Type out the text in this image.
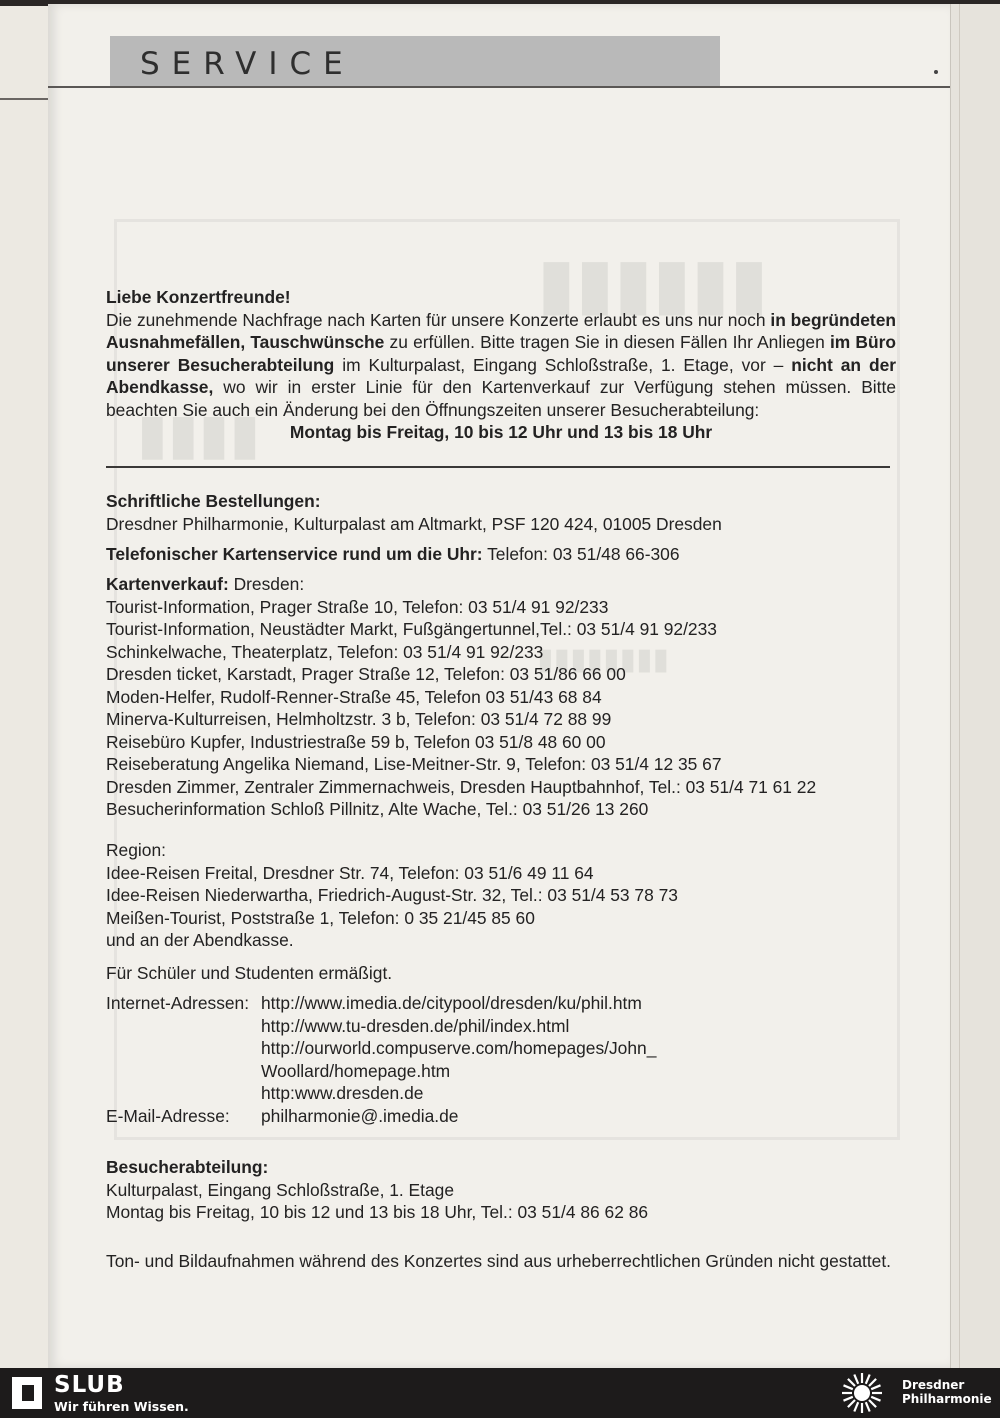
SERVICE
▮▮▮▮▮▮
▮▮▮▮
▮▮▮▮▮▮▮▮
Liebe Konzertfreunde!
Die zunehmende Nachfrage nach Karten für unsere Konzerte erlaubt es uns nur noch in begründeten Ausnahmefällen, Tauschwünsche zu erfüllen. Bitte tragen Sie in diesen Fällen Ihr Anliegen im Büro unserer Besucherabteilung im Kulturpalast, Eingang Schloßstraße, 1. Etage, vor – nicht an der Abendkasse, wo wir in erster Linie für den Kartenverkauf zur Verfügung stehen müssen. Bitte beachten Sie auch ein Änderung bei den Öffnungszeiten unserer Besucherabteilung:
Montag bis Freitag, 10 bis 12 Uhr und 13 bis 18 Uhr
Schriftliche Bestellungen:
Dresdner Philharmonie, Kulturpalast am Altmarkt, PSF 120 424, 01005 Dresden
Telefonischer Kartenservice rund um die Uhr: Telefon: 03 51/48 66-306
Kartenverkauf: Dresden:
Tourist-Information, Prager Straße 10, Telefon: 03 51/4 91 92/233
Tourist-Information, Neustädter Markt, Fußgängertunnel,Tel.: 03 51/4 91 92/233
Schinkelwache, Theaterplatz, Telefon: 03 51/4 91 92/233
Dresden ticket, Karstadt, Prager Straße 12, Telefon: 03 51/86 66 00
Moden-Helfer, Rudolf-Renner-Straße 45, Telefon 03 51/43 68 84
Minerva-Kulturreisen, Helmholtzstr. 3 b, Telefon: 03 51/4 72 88 99
Reisebüro Kupfer, Industriestraße 59 b, Telefon 03 51/8 48 60 00
Reiseberatung Angelika Niemand, Lise-Meitner-Str. 9, Telefon: 03 51/4 12 35 67
Dresden Zimmer, Zentraler Zimmernachweis, Dresden Hauptbahnhof, Tel.: 03 51/4 71 61 22
Besucherinformation Schloß Pillnitz, Alte Wache, Tel.: 03 51/26 13 260
Region:
Idee-Reisen Freital, Dresdner Str. 74, Telefon: 03 51/6 49 11 64
Idee-Reisen Niederwartha, Friedrich-August-Str. 32, Tel.: 03 51/4 53 78 73
Meißen-Tourist, Poststraße 1, Telefon: 0 35 21/45 85 60
und an der Abendkasse.
Für Schüler und Studenten ermäßigt.
Internet-Adressen: http://www.imedia.de/citypool/dresden/ku/phil.htm
http://www.tu-dresden.de/phil/index.html
http://ourworld.compuserve.com/homepages/John_
Woollard/homepage.htm
http:www.dresden.de
E-Mail-Adresse:	philharmonie@.imedia.de
Besucherabteilung:
Kulturpalast, Eingang Schloßstraße, 1. Etage
Montag bis Freitag, 10 bis 12 und 13 bis 18 Uhr, Tel.: 03 51/4 86 62 86
Ton- und Bildaufnahmen während des Konzertes sind aus urheberrechtlichen Gründen nicht gestattet.
SLUB
Wir führen Wissen.
Dresdner
Philharmonie
